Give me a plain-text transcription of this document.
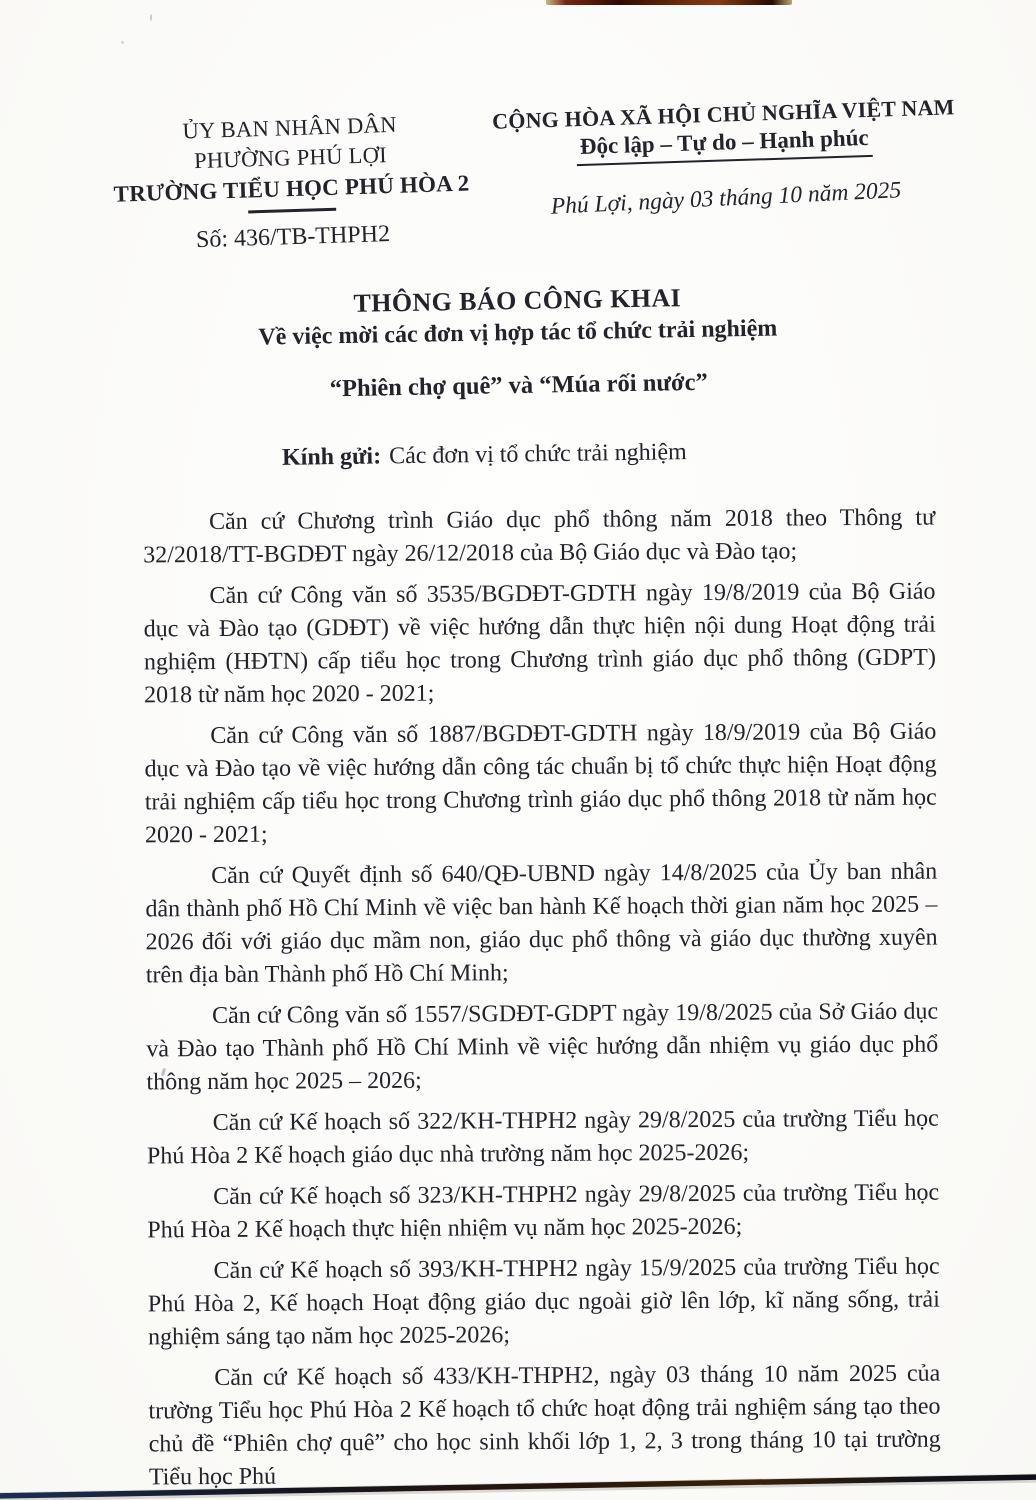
ỦY BAN NHÂN DÂN
PHƯỜNG PHÚ LỢI
TRƯỜNG TIỂU HỌC PHÚ HÒA 2
Số: 436/TB-THPH2
CỘNG HÒA XÃ HỘI CHỦ NGHĨA VIỆT NAM
Độc lập – Tự do – Hạnh phúc
Phú Lợi, ngày 03 tháng 10 năm 2025
THÔNG BÁO CÔNG KHAI
Về việc mời các đơn vị hợp tác tổ chức trải nghiệm
“Phiên chợ quê” và “Múa rối nước”
Kính gửi: Các đơn vị tổ chức trải nghiệm

Căn cứ Chương trình Giáo dục phổ thông năm 2018 theo Thông tư 32/2018/TT-BGDĐT ngày 26/12/2018 của Bộ Giáo dục và Đào tạo;

Căn cứ Công văn số 3535/BGDĐT-GDTH ngày 19/8/2019 của Bộ Giáo dục và Đào tạo (GDĐT) về việc hướng dẫn thực hiện nội dung Hoạt động trải nghiệm (HĐTN) cấp tiểu học trong Chương trình giáo dục phổ thông (GDPT) 2018 từ năm học 2020 - 2021;

Căn cứ Công văn số 1887/BGDĐT-GDTH ngày 18/9/2019 của Bộ Giáo dục và Đào tạo về việc hướng dẫn công tác chuẩn bị tổ chức thực hiện Hoạt động trải nghiệm cấp tiểu học trong Chương trình giáo dục phổ thông 2018 từ năm học 2020 - 2021;

Căn cứ Quyết định số 640/QĐ-UBND ngày 14/8/2025 của Ủy ban nhân dân thành phố Hồ Chí Minh về việc ban hành Kế hoạch thời gian năm học 2025 – 2026 đối với giáo dục mầm non, giáo dục phổ thông và giáo dục thường xuyên trên địa bàn Thành phố Hồ Chí Minh;

Căn cứ Công văn số 1557/SGDĐT-GDPT ngày 19/8/2025 của Sở Giáo dục và Đào tạo Thành phố Hồ Chí Minh về việc hướng dẫn nhiệm vụ giáo dục phổ thông năm học 2025 – 2026;

Căn cứ Kế hoạch số 322/KH-THPH2 ngày 29/8/2025 của trường Tiểu học Phú Hòa 2 Kế hoạch giáo dục nhà trường năm học 2025-2026;

Căn cứ Kế hoạch số 323/KH-THPH2 ngày 29/8/2025 của trường Tiểu học Phú Hòa 2 Kế hoạch thực hiện nhiệm vụ năm học 2025-2026;

Căn cứ Kế hoạch số 393/KH-THPH2 ngày 15/9/2025 của trường Tiểu học Phú Hòa 2, Kế hoạch Hoạt động giáo dục ngoài giờ lên lớp, kĩ năng sống, trải nghiệm sáng tạo năm học 2025-2026;

Căn cứ Kế hoạch số 433/KH-THPH2, ngày 03 tháng 10 năm 2025 của trường Tiểu học Phú Hòa 2 Kế hoạch tổ chức hoạt động trải nghiệm sáng tạo theo chủ đề “Phiên chợ quê” cho học sinh khối lớp 1, 2, 3 trong tháng 10 tại trường Tiểu học Phú
